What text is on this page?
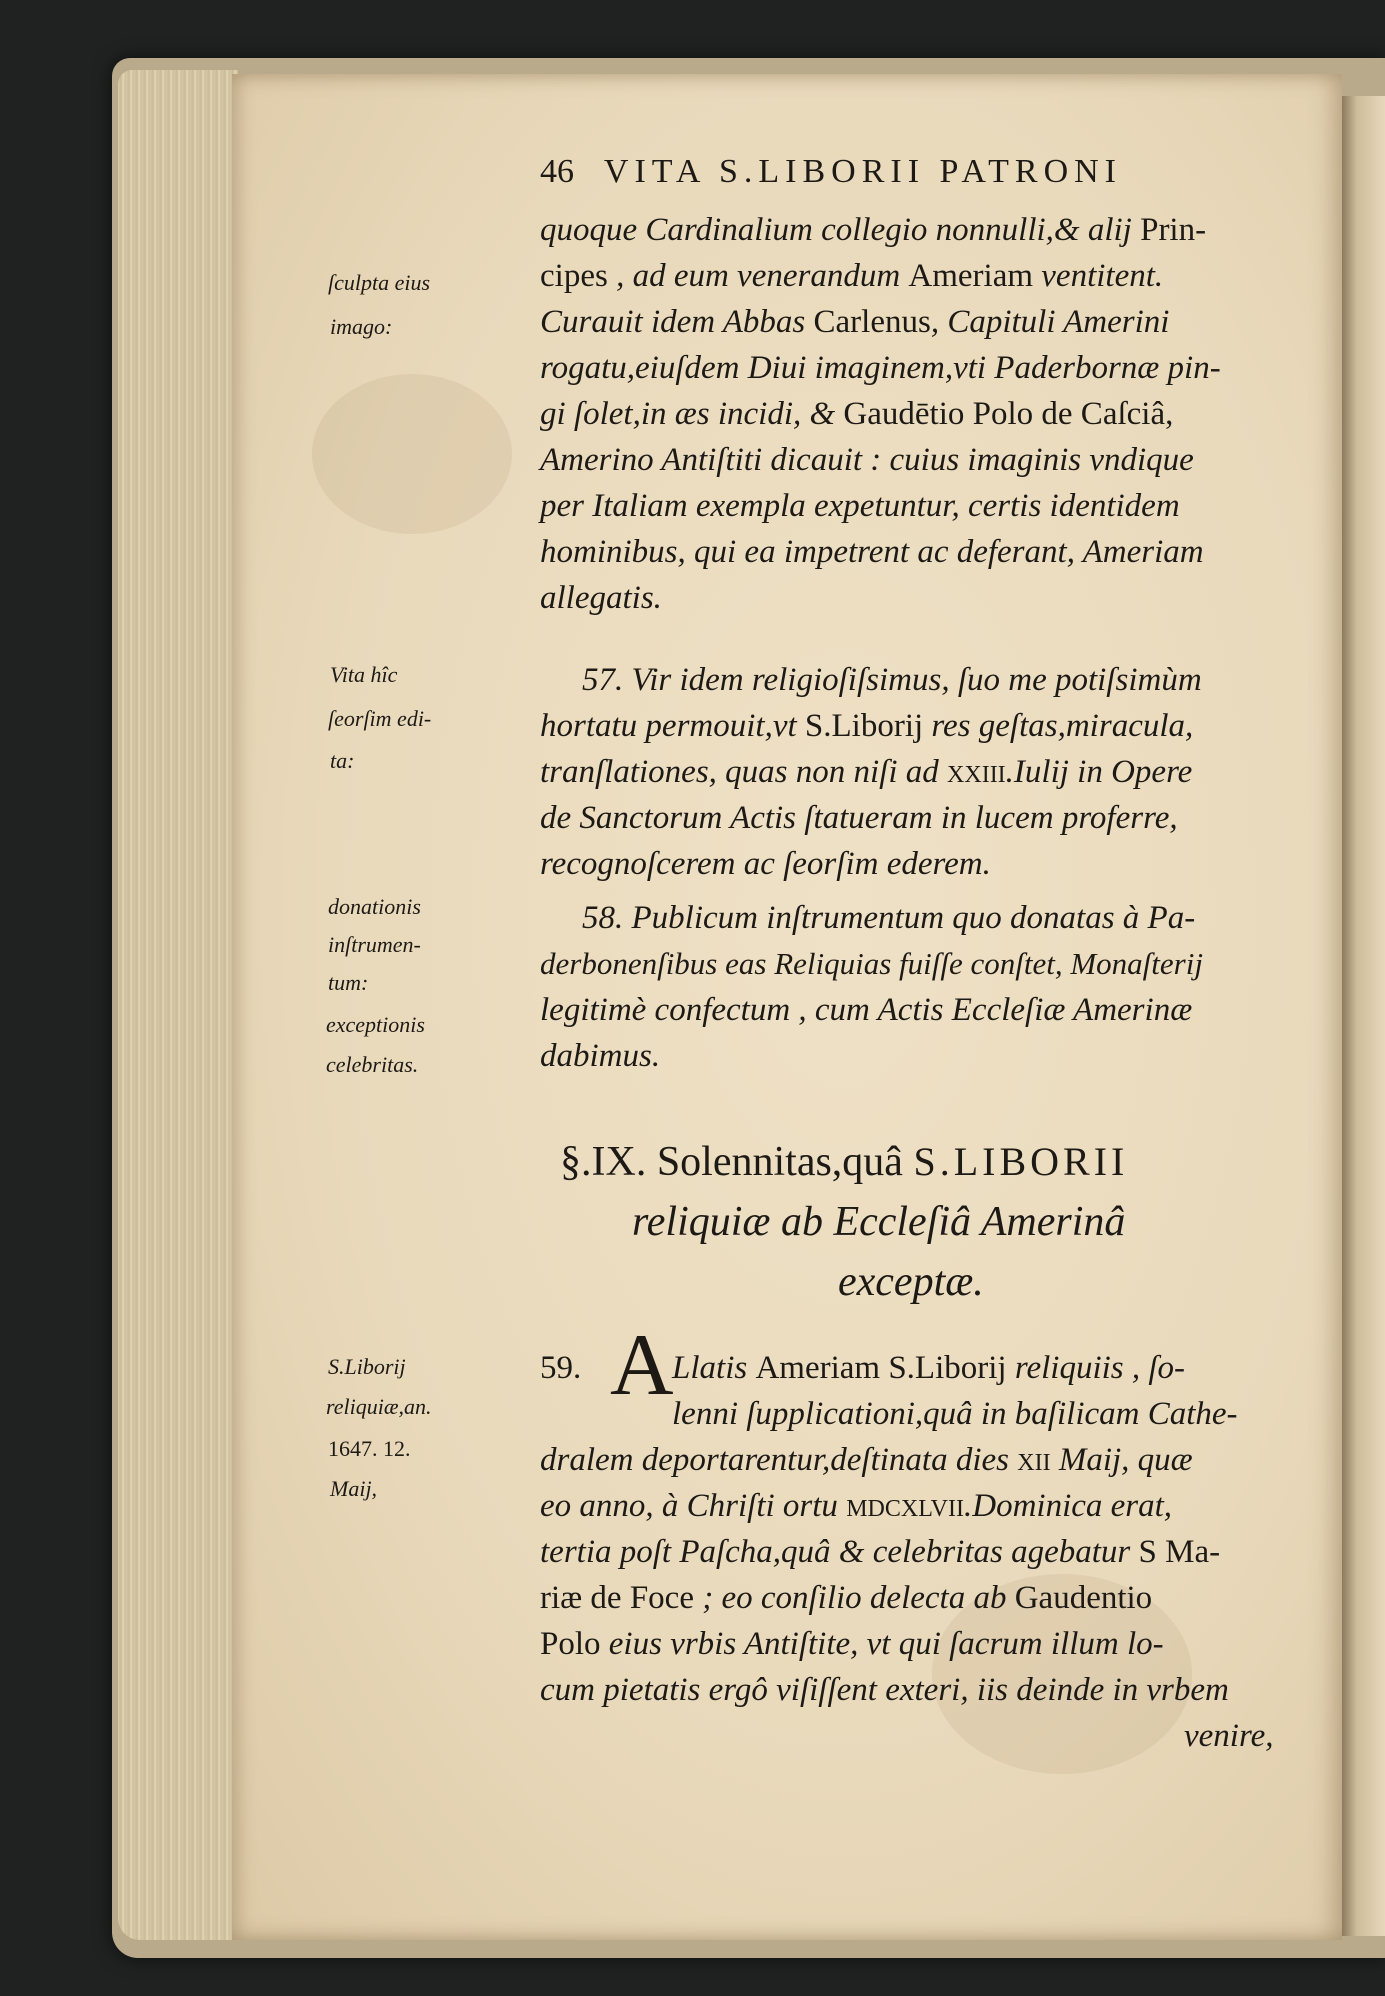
46 VITA S.LIBORII PATRONI
ſculpta eius
imago:
Vita hîc
ſeorſim edi-
ta:
donationis
inſtrumen-
tum:
exceptionis
celebritas.
S.Liborij
reliquiæ,an.
1647. 12.
Maij,
quoque Cardinalium collegio nonnulli,& alij Prin-
cipes , ad eum venerandum Ameriam ventitent.
Curauit idem Abbas Carlenus, Capituli Amerini
rogatu,eiuſdem Diui imaginem,vti Paderbornæ pin-
gi ſolet,in æs incidi, & Gaudētio Polo de Caſciâ,
Amerino Antiſtiti dicauit : cuius imaginis vndique
per Italiam exempla expetuntur, certis identidem
hominibus, qui ea impetrent ac deferant, Ameriam
allegatis.
57. Vir idem religioſiſsimus, ſuo me potiſsimùm
hortatu permouit,vt S.Liborij res geſtas,miracula,
tranſlationes, quas non niſi ad XXIII.Iulij in Opere
de Sanctorum Actis ſtatueram in lucem proferre,
recognoſcerem ac ſeorſim ederem.
58. Publicum inſtrumentum quo donatas à Pa-
derbonenſibus eas Reliquias fuiſſe conſtet, Monaſterij
legitimè confectum , cum Actis Eccleſiæ Amerinæ
dabimus.
§.IX. Solennitas,quâ S.LIBORII
reliquiæ ab Eccleſiâ Amerinâ
exceptæ.
59. A
Llatis Ameriam S.Liborij reliquiis , ſo-
lenni ſupplicationi,quâ in baſilicam Cathe-
dralem deportarentur,deſtinata dies XII Maij, quæ
eo anno, à Chriſti ortu MDCXLVII.Dominica erat,
tertia poſt Paſcha,quâ & celebritas agebatur S Ma-
riæ de Foce ; eo conſilio delecta ab Gaudentio
Polo eius vrbis Antiſtite, vt qui ſacrum illum lo-
cum pietatis ergô viſiſſent exteri, iis deinde in vrbem
venire,
